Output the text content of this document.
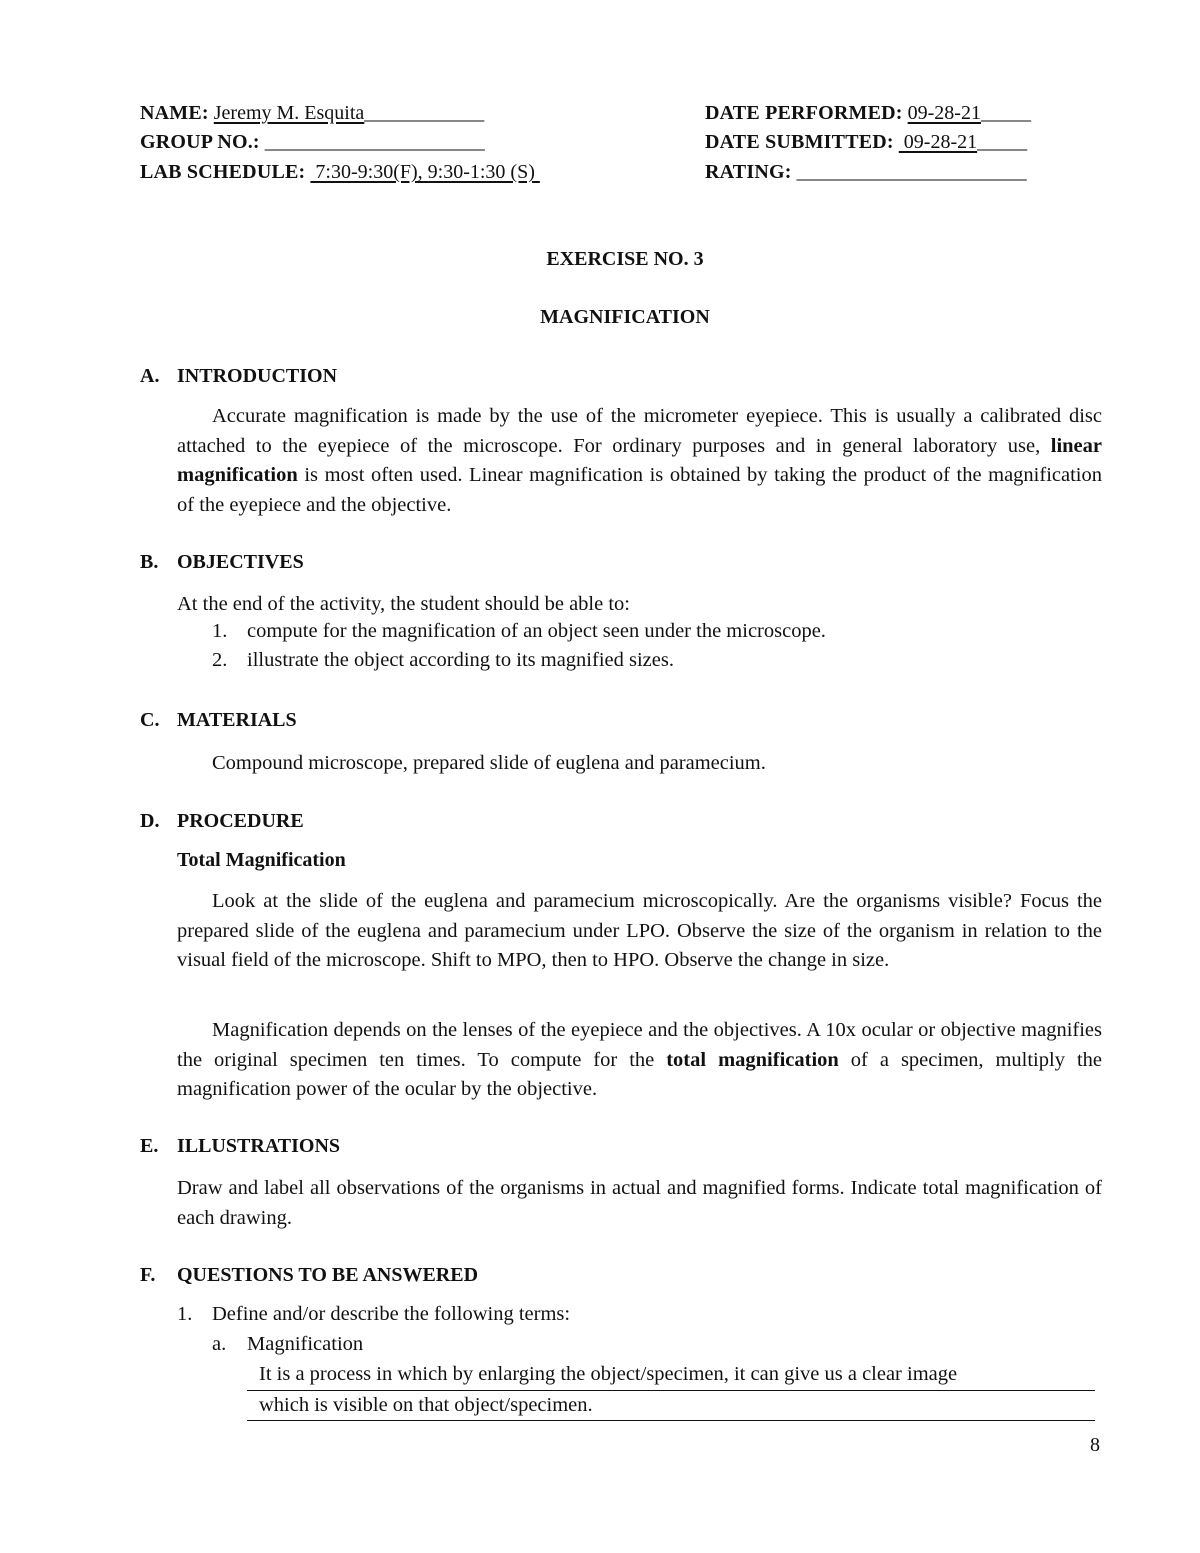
NAME: Jeremy M. Esquita____________
GROUP NO.: ______________________
LAB SCHEDULE:  7:30-9:30(F), 9:30-1:30 (S)
DATE PERFORMED: 09-28-21_____
DATE SUBMITTED:  09-28-21_____
RATING: _______________________
EXERCISE NO. 3
MAGNIFICATION
A. INTRODUCTION
Accurate magnification is made by the use of the micrometer eyepiece. This is usually a calibrated disc attached to the eyepiece of the microscope. For ordinary purposes and in general laboratory use, linear magnification is most often used. Linear magnification is obtained by taking the product of the magnification of the eyepiece and the objective.
B. OBJECTIVES
At the end of the activity, the student should be able to:
1. compute for the magnification of an object seen under the microscope.
2. illustrate the object according to its magnified sizes.
C. MATERIALS
Compound microscope, prepared slide of euglena and paramecium.
D. PROCEDURE
Total Magnification
Look at the slide of the euglena and paramecium microscopically. Are the organisms visible? Focus the prepared slide of the euglena and paramecium under LPO. Observe the size of the organism in relation to the visual field of the microscope. Shift to MPO, then to HPO. Observe the change in size.
Magnification depends on the lenses of the eyepiece and the objectives. A 10x ocular or objective magnifies the original specimen ten times. To compute for the total magnification of a specimen, multiply the magnification power of the ocular by the objective.
E. ILLUSTRATIONS
Draw and label all observations of the organisms in actual and magnified forms. Indicate total magnification of each drawing.
F. QUESTIONS TO BE ANSWERED
1. Define and/or describe the following terms:
a. Magnification
It is a process in which by enlarging the object/specimen, it can give us a clear image
which is visible on that object/specimen.
8
